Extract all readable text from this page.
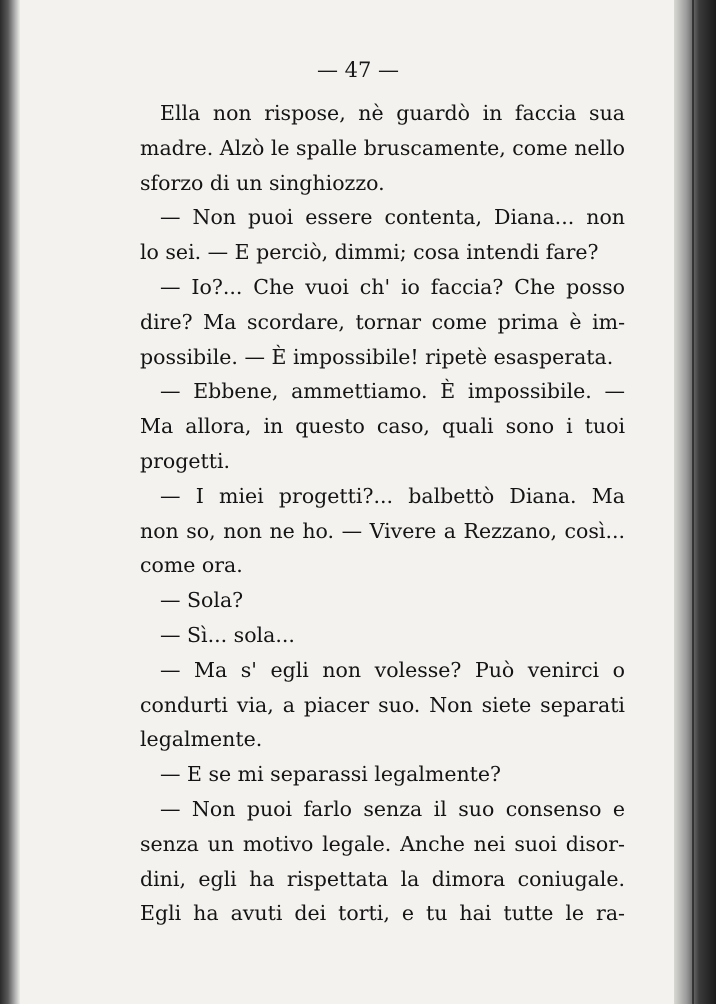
— 47 —
Ella non rispose, nè guardò in faccia sua
madre. Alzò le spalle bruscamente, come nello
sforzo di un singhiozzo.
— Non puoi essere contenta, Diana... non
lo sei. — E perciò, dimmi; cosa intendi fare?
— Io?... Che vuoi ch' io faccia? Che posso
dire? Ma scordare, tornar come prima è im-
possibile. — È impossibile! ripetè esasperata.
— Ebbene, ammettiamo. È impossibile. —
Ma allora, in questo caso, quali sono i tuoi
progetti.
— I miei progetti?... balbettò Diana. Ma
non so, non ne ho. — Vivere a Rezzano, così...
come ora.
— Sola?
— Sì... sola...
— Ma s' egli non volesse? Può venirci o
condurti via, a piacer suo. Non siete separati
legalmente.
— E se mi separassi legalmente?
— Non puoi farlo senza il suo consenso e
senza un motivo legale. Anche nei suoi disor-
dini, egli ha rispettata la dimora coniugale.
Egli ha avuti dei torti, e tu hai tutte le ra-
